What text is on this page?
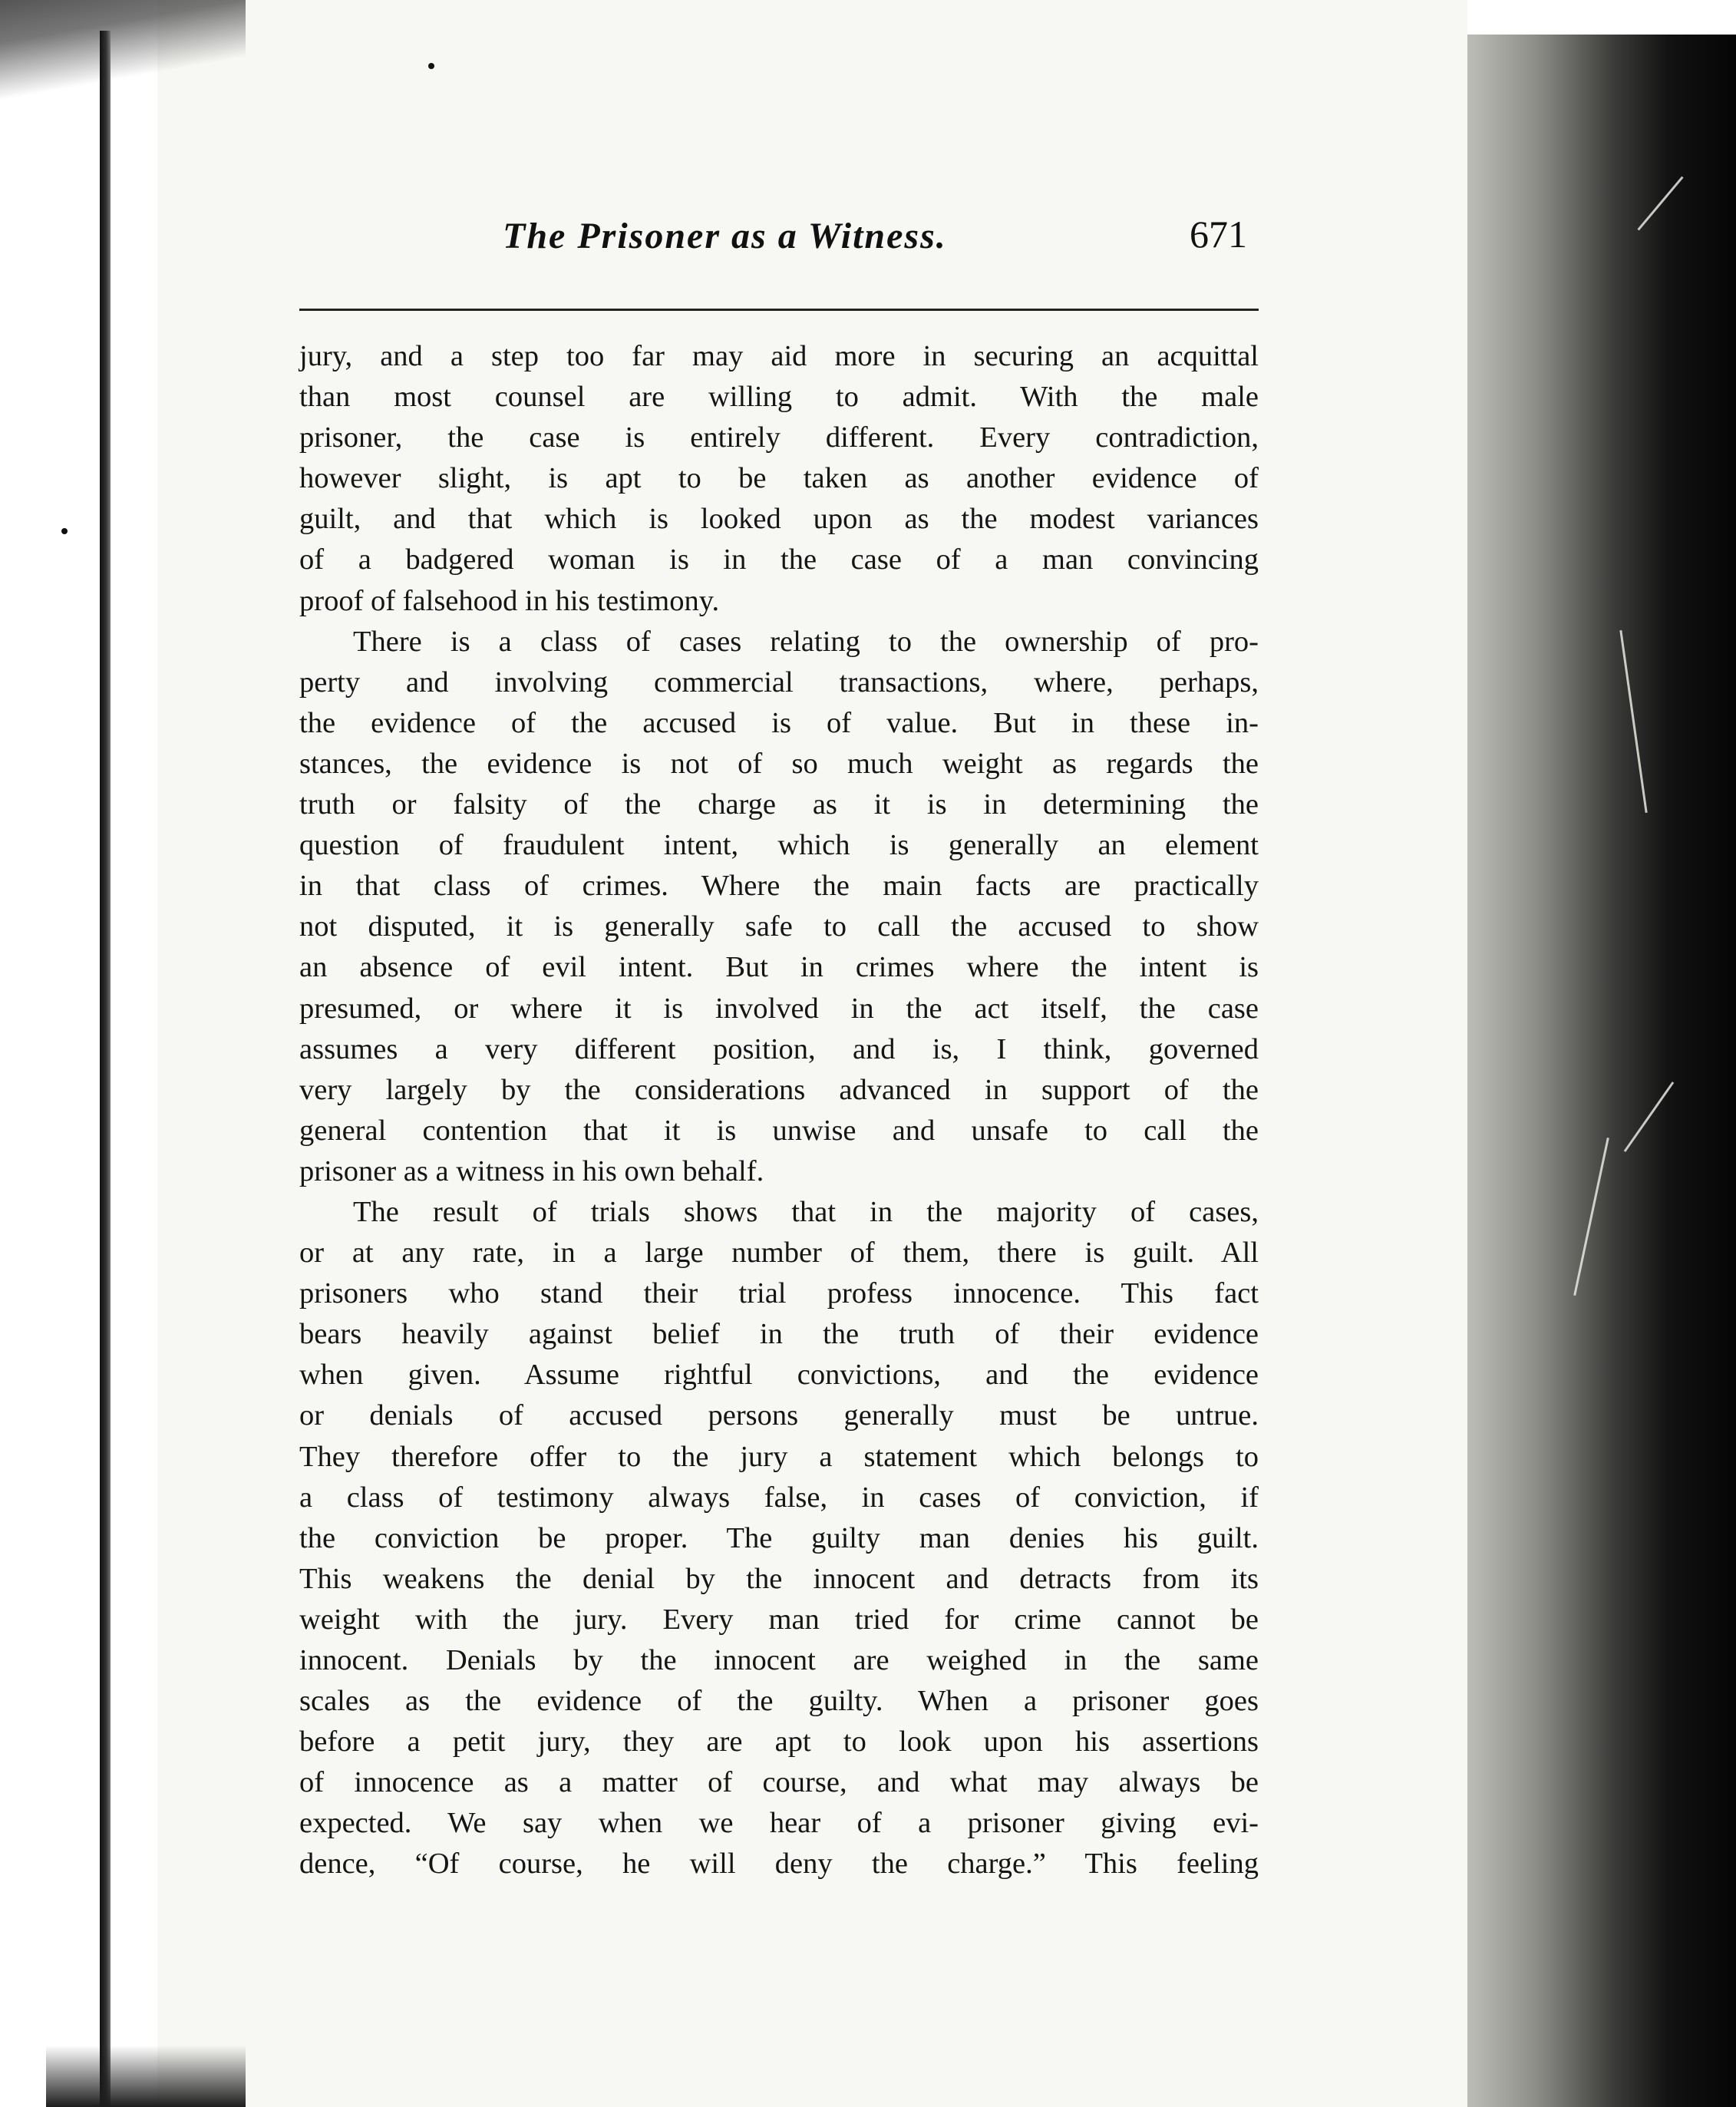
The Prisoner as a Witness.	671
jury, and a step too far may aid more in securing an acquittal
than most counsel are willing to admit. With the male
prisoner, the case is entirely different. Every contradiction,
however slight, is apt to be taken as another evidence of
guilt, and that which is looked upon as the modest variances
of a badgered woman is in the case of a man convincing
proof of falsehood in his testimony.
There is a class of cases relating to the ownership of pro-
perty and involving commercial transactions, where, perhaps,
the evidence of the accused is of value. But in these in-
stances, the evidence is not of so much weight as regards the
truth or falsity of the charge as it is in determining the
question of fraudulent intent, which is generally an element
in that class of crimes. Where the main facts are practically
not disputed, it is generally safe to call the accused to show
an absence of evil intent. But in crimes where the intent is
presumed, or where it is involved in the act itself, the case
assumes a very different position, and is, I think, governed
very largely by the considerations advanced in support of the
general contention that it is unwise and unsafe to call the
prisoner as a witness in his own behalf.
The result of trials shows that in the majority of cases,
or at any rate, in a large number of them, there is guilt. All
prisoners who stand their trial profess innocence. This fact
bears heavily against belief in the truth of their evidence
when given. Assume rightful convictions, and the evidence
or denials of accused persons generally must be untrue.
They therefore offer to the jury a statement which belongs to
a class of testimony always false, in cases of conviction, if
the conviction be proper. The guilty man denies his guilt.
This weakens the denial by the innocent and detracts from its
weight with the jury. Every man tried for crime cannot be
innocent. Denials by the innocent are weighed in the same
scales as the evidence of the guilty. When a prisoner goes
before a petit jury, they are apt to look upon his assertions
of innocence as a matter of course, and what may always be
expected. We say when we hear of a prisoner giving evi-
dence, “Of course, he will deny the charge.” This feeling
